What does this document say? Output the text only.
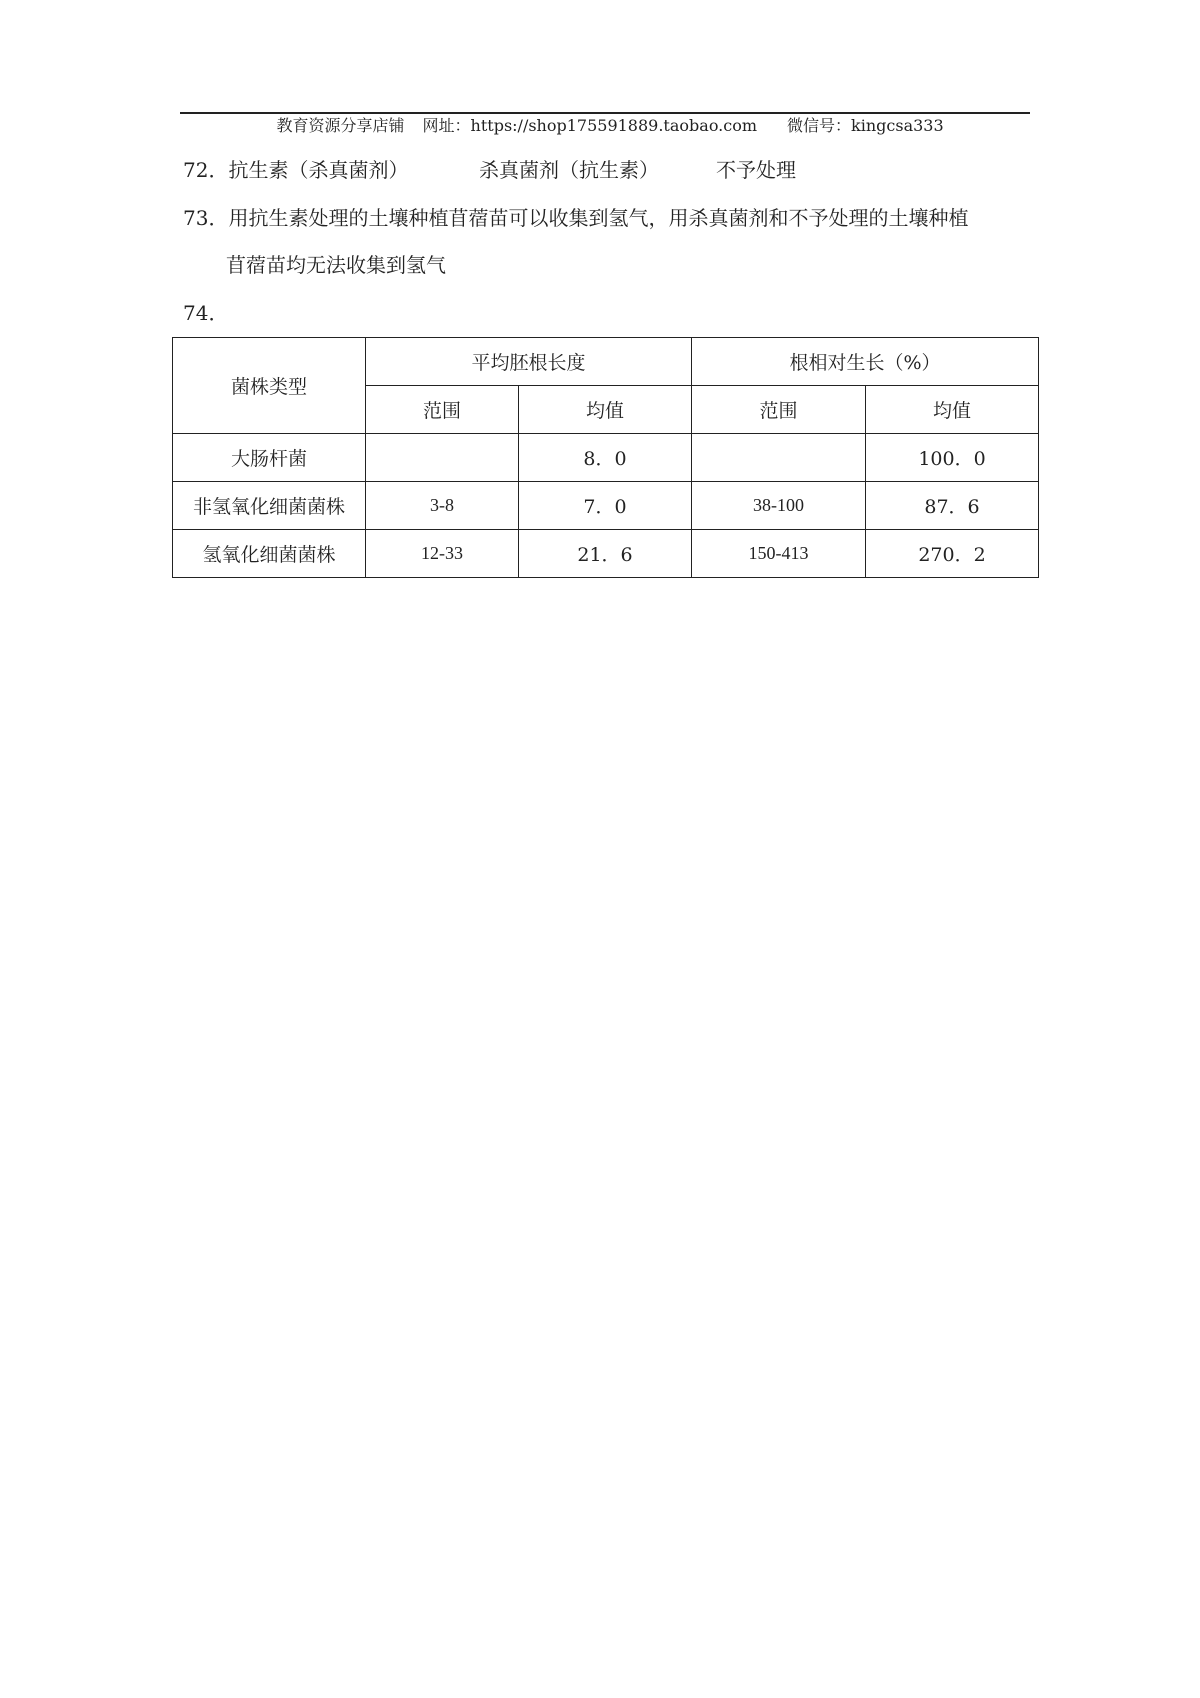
教育资源分享店铺 网址：https://shop175591889.taobao.com 微信号：kingcsa333

72．抗生素（杀真菌剂）	杀真菌剂（抗生素）	不予处理
73．用抗生素处理的土壤种植苜蓿苗可以收集到氢气，用杀真菌剂和不予处理的土壤种植
苜蓿苗均无法收集到氢气
74．
菌株类型	平均胚根长度		根相对生长（%）	
	范围	均值	范围	均值
大肠杆菌		8．0		100．0
非氢氧化细菌菌株	3-8	7．0	38-100	87．6
氢氧化细菌菌株	12-33	21．6	150-413	270．2
